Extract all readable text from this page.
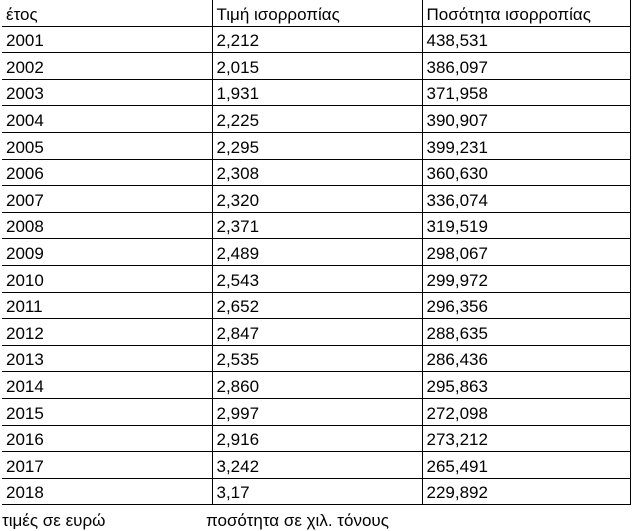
έτος	Τιμή ισορροπίας	Ποσότητα ισορροπίας
2001	2,212	438,531
2002	2,015	386,097
2003	1,931	371,958
2004	2,225	390,907
2005	2,295	399,231
2006	2,308	360,630
2007	2,320	336,074
2008	2,371	319,519
2009	2,489	298,067
2010	2,543	299,972
2011	2,652	296,356
2012	2,847	288,635
2013	2,535	286,436
2014	2,860	295,863
2015	2,997	272,098
2016	2,916	273,212
2017	3,242	265,491
2018	3,17	229,892
τιμές σε ευρώ	ποσότητα σε χιλ. τόνους
